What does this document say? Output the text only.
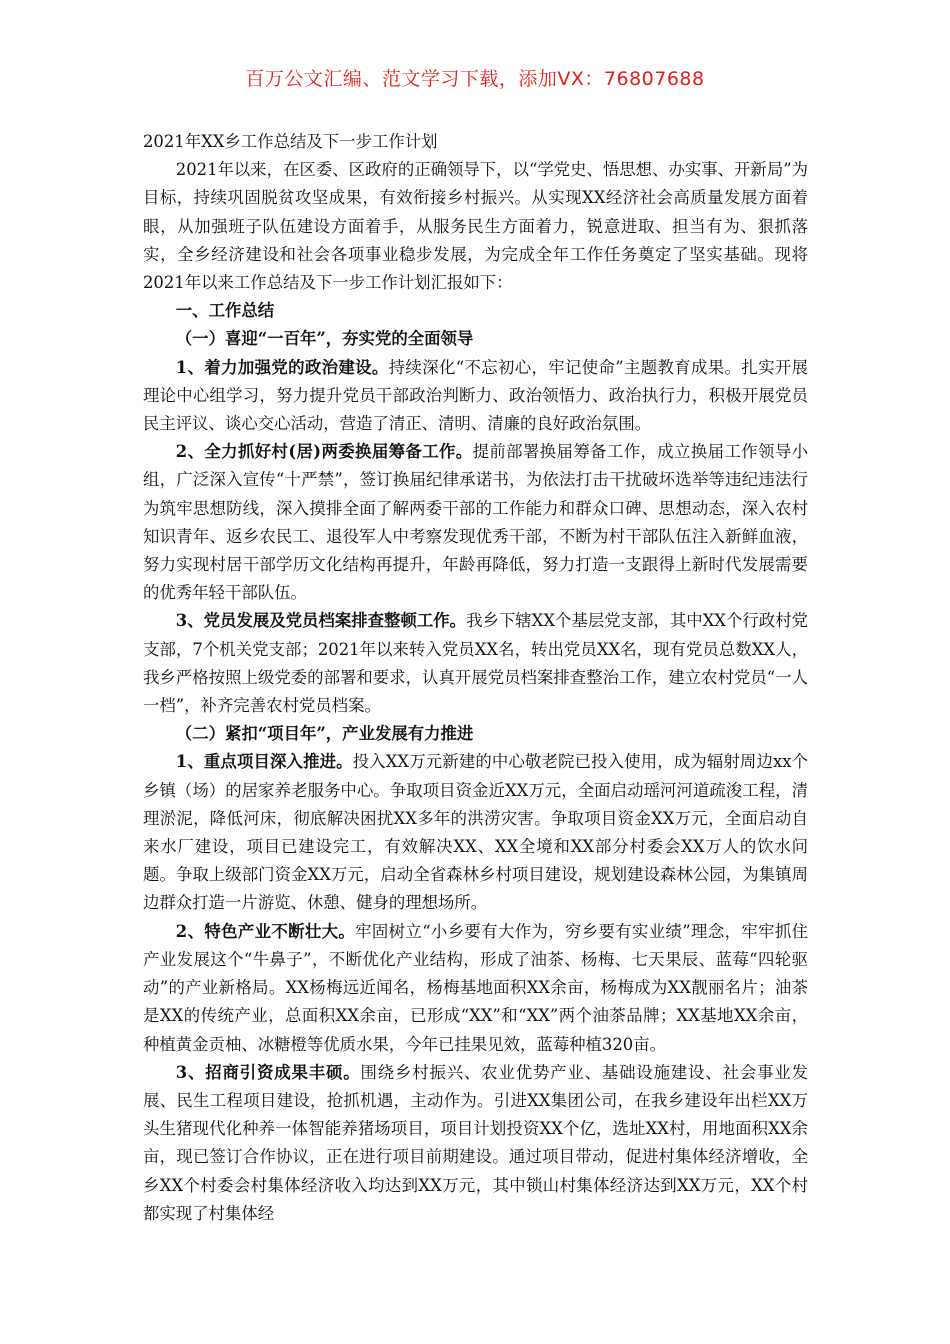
百万公文汇编、范文学习下载，添加VX：76807688
2021年XX乡工作总结及下一步工作计划

2021年以来，在区委、区政府的正确领导下，以“学党史、悟思想、办实事、开新局”为目标，持续巩固脱贫攻坚成果，有效衔接乡村振兴。从实现XX经济社会高质量发展方面着眼，从加强班子队伍建设方面着手，从服务民生方面着力，锐意进取、担当有为、狠抓落实，全乡经济建设和社会各项事业稳步发展，为完成全年工作任务奠定了坚实基础。现将2021年以来工作总结及下一步工作计划汇报如下：

一、工作总结

（一）喜迎“一百年”，夯实党的全面领导

1、着力加强党的政治建设。持续深化“不忘初心，牢记使命”主题教育成果。扎实开展理论中心组学习，努力提升党员干部政治判断力、政治领悟力、政治执行力，积极开展党员民主评议、谈心交心活动，营造了清正、清明、清廉的良好政治氛围。

2、全力抓好村(居)两委换届筹备工作。提前部署换届筹备工作，成立换届工作领导小组，广泛深入宣传“十严禁”，签订换届纪律承诺书，为依法打击干扰破坏选举等违纪违法行为筑牢思想防线，深入摸排全面了解两委干部的工作能力和群众口碑、思想动态，深入农村知识青年、返乡农民工、退役军人中考察发现优秀干部，不断为村干部队伍注入新鲜血液，努力实现村居干部学历文化结构再提升，年龄再降低，努力打造一支跟得上新时代发展需要的优秀年轻干部队伍。

3、党员发展及党员档案排查整顿工作。我乡下辖XX个基层党支部，其中XX个行政村党支部，7个机关党支部；2021年以来转入党员XX名，转出党员XX名，现有党员总数XX人，我乡严格按照上级党委的部署和要求，认真开展党员档案排查整治工作，建立农村党员“一人一档”，补齐完善农村党员档案。

（二）紧扣“项目年”，产业发展有力推进

1、重点项目深入推进。投入XX万元新建的中心敬老院已投入使用，成为辐射周边xx个乡镇（场）的居家养老服务中心。争取项目资金近XX万元，全面启动瑶河河道疏浚工程，清理淤泥，降低河床，彻底解决困扰XX多年的洪涝灾害。争取项目资金XX万元，全面启动自来水厂建设，项目已建设完工，有效解决XX、XX全境和XX部分村委会XX万人的饮水问题。争取上级部门资金XX万元，启动全省森林乡村项目建设，规划建设森林公园，为集镇周边群众打造一片游览、休憩、健身的理想场所。

2、特色产业不断壮大。牢固树立“小乡要有大作为，穷乡要有实业绩”理念，牢牢抓住产业发展这个“牛鼻子”，不断优化产业结构，形成了油茶、杨梅、七天果辰、蓝莓“四轮驱动”的产业新格局。XX杨梅远近闻名，杨梅基地面积XX余亩，杨梅成为XX靓丽名片；油茶是XX的传统产业，总面积XX余亩，已形成“XX”和“XX”两个油茶品牌；XX基地XX余亩，种植黄金贡柚、冰糖橙等优质水果，今年已挂果见效，蓝莓种植320亩。

3、招商引资成果丰硕。围绕乡村振兴、农业优势产业、基础设施建设、社会事业发展、民生工程项目建设，抢抓机遇，主动作为。引进XX集团公司，在我乡建设年出栏XX万头生猪现代化种养一体智能养猪场项目，项目计划投资XX个亿，选址XX村，用地面积XX余亩，现已签订合作协议，正在进行项目前期建设。通过项目带动，促进村集体经济增收，全乡XX个村委会村集体经济收入均达到XX万元，其中锁山村集体经济达到XX万元，XX个村都实现了村集体经
